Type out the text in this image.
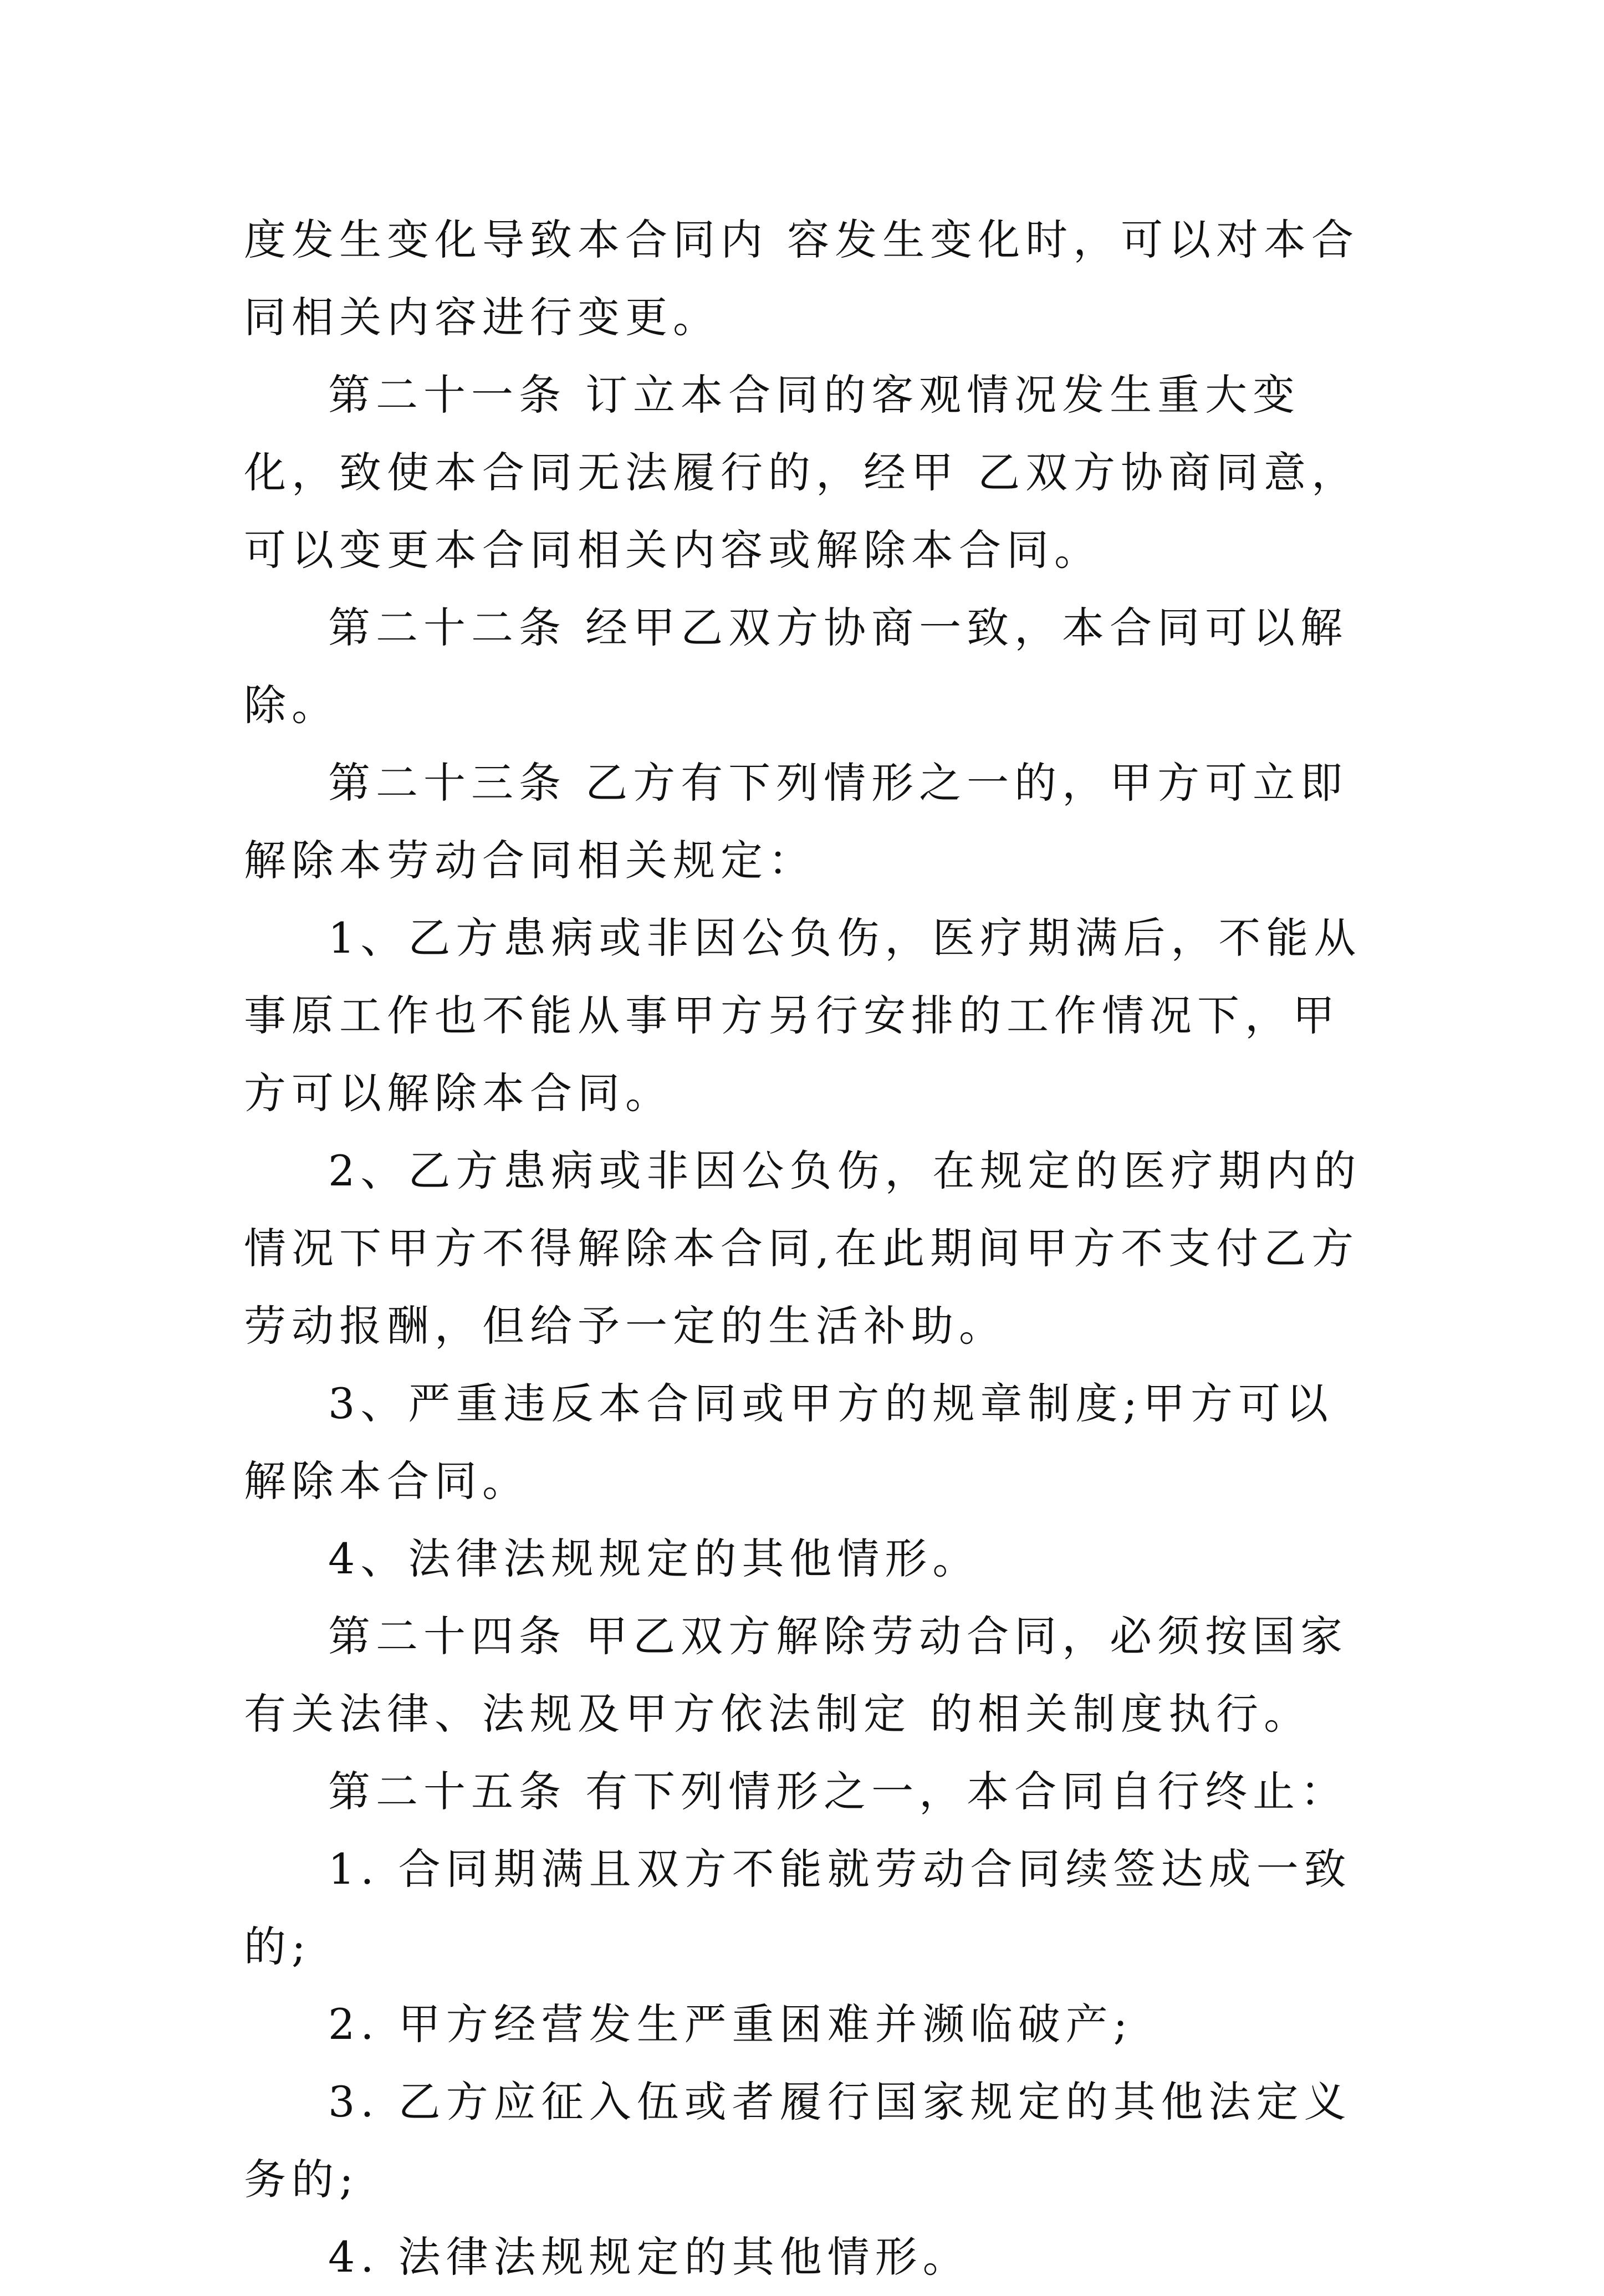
度发生变化导致本合同内 容发生变化时，可以对本合同相关内容进行变更。

第二十一条 订立本合同的客观情况发生重大变化，致使本合同无法履行的，经甲 乙双方协商同意，可以变更本合同相关内容或解除本合同。

第二十二条 经甲乙双方协商一致，本合同可以解除。

第二十三条 乙方有下列情形之一的，甲方可立即解除本劳动合同相关规定：

1、乙方患病或非因公负伤，医疗期满后，不能从事原工作也不能从事甲方另行安排的工作情况下，甲方可以解除本合同。

2、乙方患病或非因公负伤，在规定的医疗期内的情况下甲方不得解除本合同,在此期间甲方不支付乙方劳动报酬，但给予一定的生活补助。

3、严重违反本合同或甲方的规章制度;甲方可以解除本合同。

4、法律法规规定的其他情形。

第二十四条 甲乙双方解除劳动合同，必须按国家有关法律、法规及甲方依法制定 的相关制度执行。

第二十五条 有下列情形之一，本合同自行终止：

1. 合同期满且双方不能就劳动合同续签达成一致的;

2. 甲方经营发生严重困难并濒临破产;

3. 乙方应征入伍或者履行国家规定的其他法定义务的;

4. 法律法规规定的其他情形。
